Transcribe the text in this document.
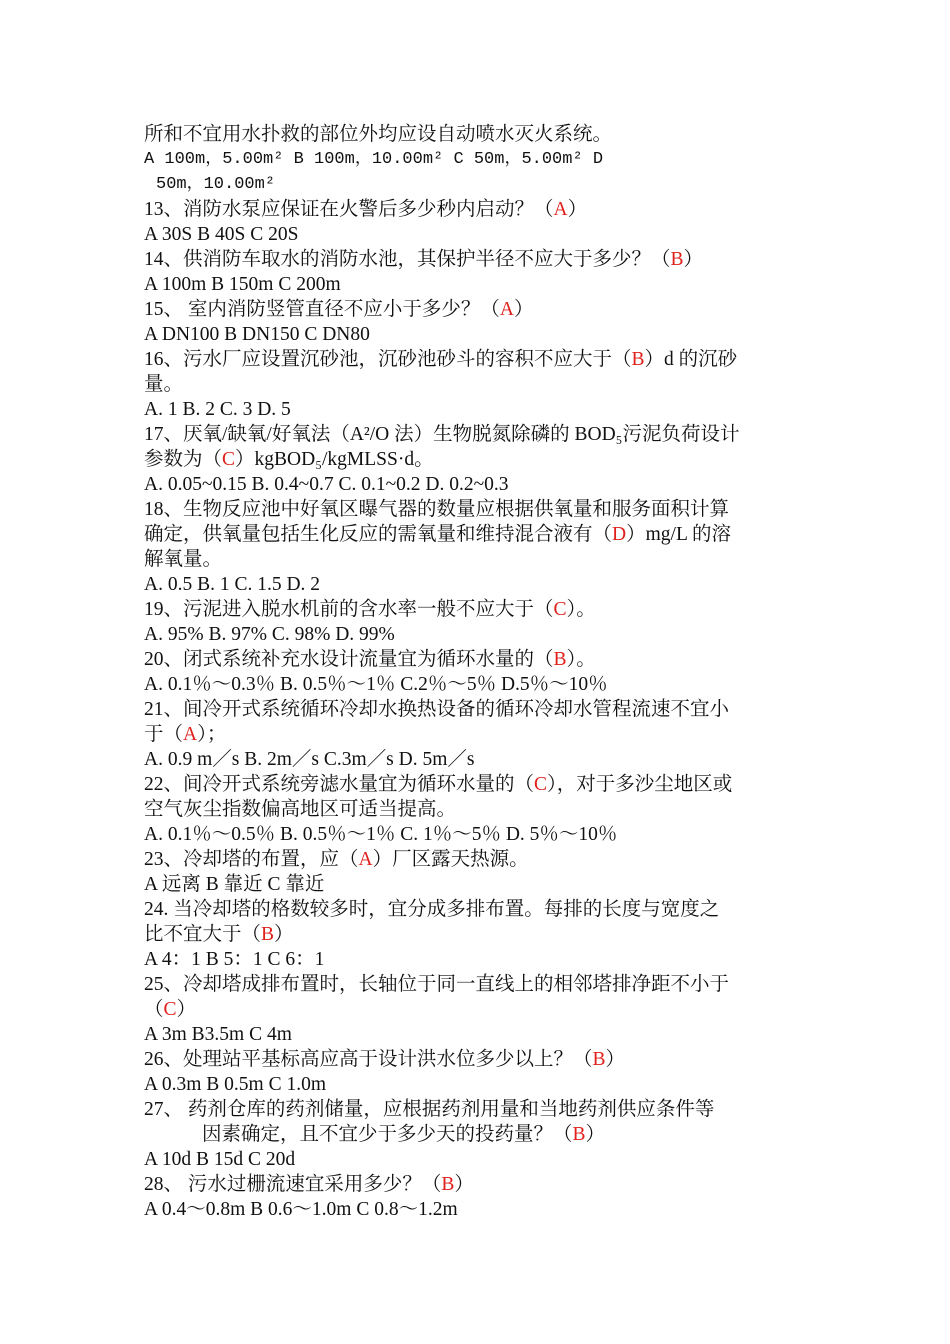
所和不宜用水扑救的部位外均应设自动喷水灭火系统。
A 100m，5.00m² B 100m，10.00m² C 50m，5.00m² D
50m，10.00m²
13、消防水泵应保证在火警后多少秒内启动？（A）
A 30S B 40S C 20S
14、供消防车取水的消防水池，其保护半径不应大于多少？（B）
A 100m B 150m C 200m
15、 室内消防竖管直径不应小于多少？（A）
A DN100 B DN150 C DN80
16、污水厂应设置沉砂池，沉砂池砂斗的容积不应大于（B）d 的沉砂
量。
A. 1 B. 2 C. 3 D. 5
17、厌氧/缺氧/好氧法（A²/O 法）生物脱氮除磷的 BOD₅污泥负荷设计
参数为（C）kgBOD₅/kgMLSS·d。
A. 0.05~0.15 B. 0.4~0.7 C. 0.1~0.2 D. 0.2~0.3
18、生物反应池中好氧区曝气器的数量应根据供氧量和服务面积计算
确定，供氧量包括生化反应的需氧量和维持混合液有（D）mg/L 的溶
解氧量。
A. 0.5 B. 1 C. 1.5 D. 2
19、污泥进入脱水机前的含水率一般不应大于（C）。
A. 95% B. 97% C. 98% D. 99%
20、闭式系统补充水设计流量宜为循环水量的（B）。
A. 0.1％～0.3％ B. 0.5％～1％ C.2％～5％ D.5％～10％
21、间冷开式系统循环冷却水换热设备的循环冷却水管程流速不宜小
于（A）；
A. 0.9 m／s B. 2m／s C.3m／s D. 5m／s
22、间冷开式系统旁滤水量宜为循环水量的（C），对于多沙尘地区或
空气灰尘指数偏高地区可适当提高。
A. 0.1％～0.5％ B. 0.5％～1％ C. 1％～5％ D. 5％～10％
23、冷却塔的布置，应（A）厂区露天热源。
A 远离 B 靠近 C 靠近
24. 当冷却塔的格数较多时，宜分成多排布置。每排的长度与宽度之
比不宜大于（B）
A 4：1 B 5：1 C 6：1
25、冷却塔成排布置时，长轴位于同一直线上的相邻塔排净距不小于
（C）
A 3m B3.5m C 4m
26、处理站平基标高应高于设计洪水位多少以上？（B）
A 0.3m B 0.5m C 1.0m
27、 药剂仓库的药剂储量，应根据药剂用量和当地药剂供应条件等
因素确定，且不宜少于多少天的投药量？（B）
A 10d B 15d C 20d
28、 污水过栅流速宜采用多少？（B）
A 0.4～0.8m B 0.6～1.0m C 0.8～1.2m
